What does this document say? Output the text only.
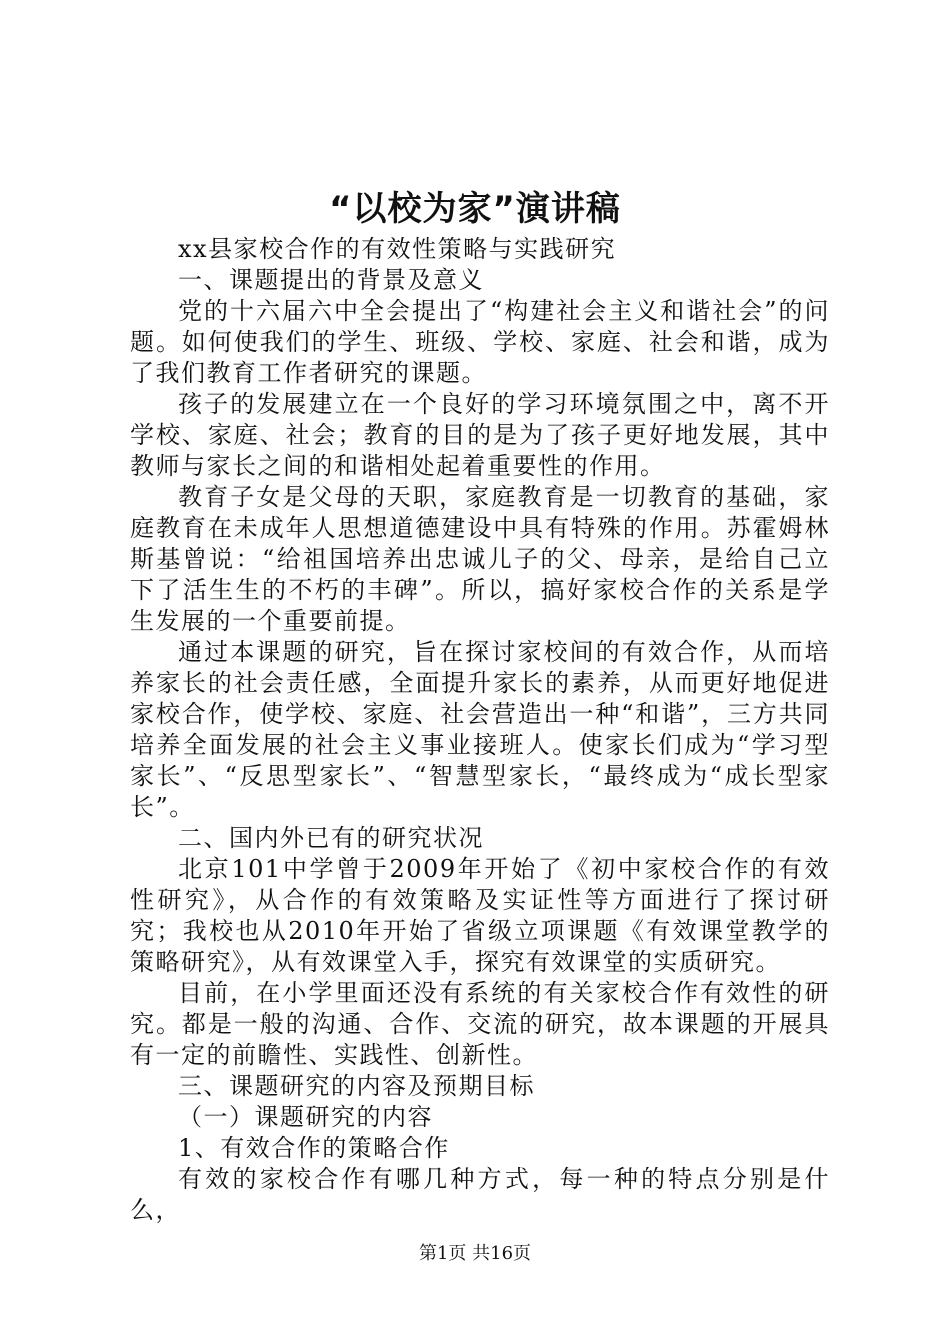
“以校为家”演讲稿

xx县家校合作的有效性策略与实践研究

一、课题提出的背景及意义

党的十六届六中全会提出了“构建社会主义和谐社会”的问题。如何使我们的学生、班级、学校、家庭、社会和谐，成为了我们教育工作者研究的课题。

孩子的发展建立在一个良好的学习环境氛围之中，离不开学校、家庭、社会；教育的目的是为了孩子更好地发展，其中教师与家长之间的和谐相处起着重要性的作用。

教育子女是父母的天职，家庭教育是一切教育的基础，家庭教育在未成年人思想道德建设中具有特殊的作用。苏霍姆林斯基曾说：“给祖国培养出忠诚儿子的父、母亲，是给自己立下了活生生的不朽的丰碑”。所以，搞好家校合作的关系是学生发展的一个重要前提。

通过本课题的研究，旨在探讨家校间的有效合作，从而培养家长的社会责任感，全面提升家长的素养，从而更好地促进家校合作，使学校、家庭、社会营造出一种“和谐”，三方共同培养全面发展的社会主义事业接班人。使家长们成为“学习型家长”、“反思型家长”、“智慧型家长，“最终成为“成长型家长”。

二、国内外已有的研究状况

北京101中学曾于2009年开始了《初中家校合作的有效性研究》，从合作的有效策略及实证性等方面进行了探讨研究；我校也从2010年开始了省级立项课题《有效课堂教学的策略研究》，从有效课堂入手，探究有效课堂的实质研究。

目前，在小学里面还没有系统的有关家校合作有效性的研究。都是一般的沟通、合作、交流的研究，故本课题的开展具有一定的前瞻性、实践性、创新性。

三、课题研究的内容及预期目标

（一）课题研究的内容

1、有效合作的策略合作

有效的家校合作有哪几种方式，每一种的特点分别是什么，

第1页 共16页
